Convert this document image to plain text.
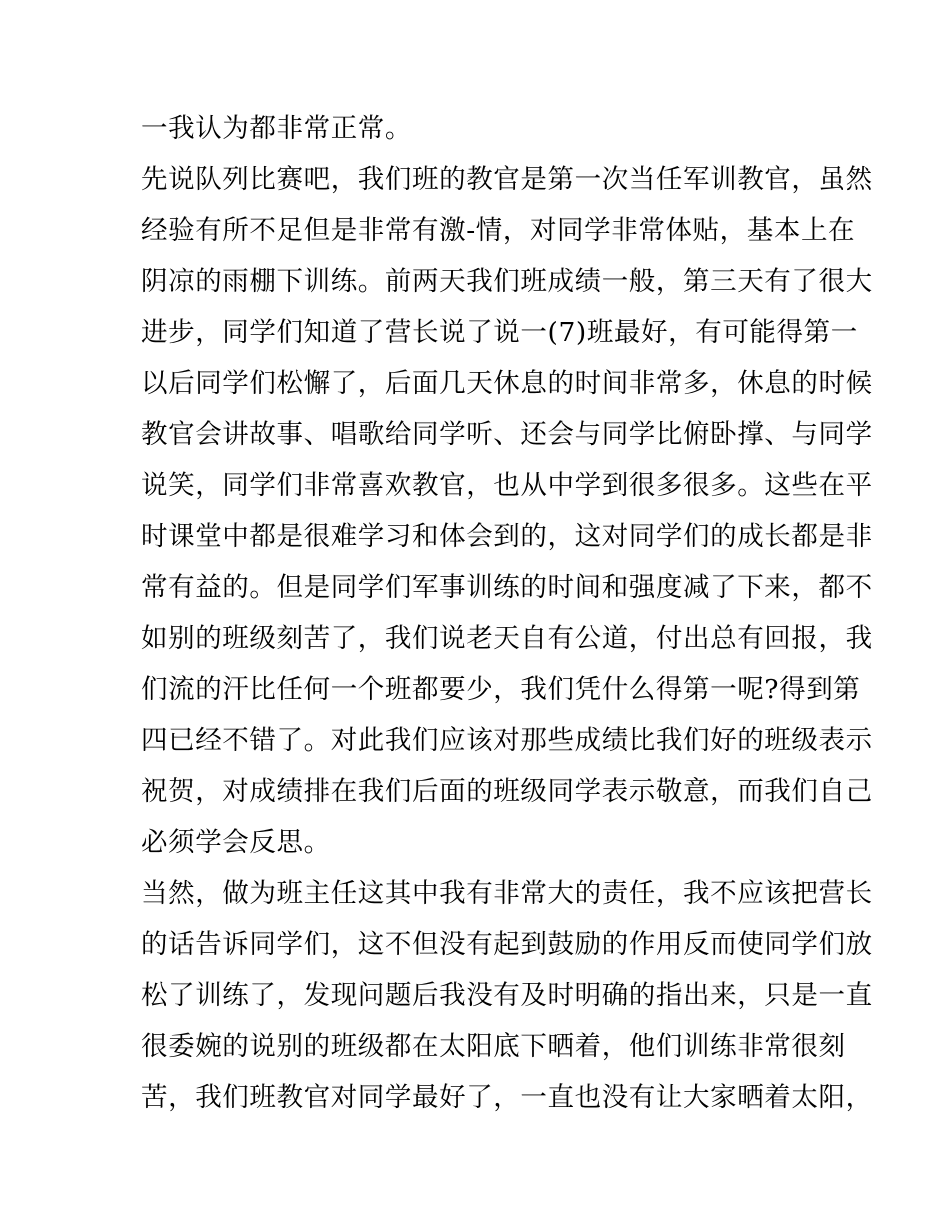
一我认为都非常正常。
先说队列比赛吧，我们班的教官是第一次当任军训教官，虽然
经验有所不足但是非常有激-情，对同学非常体贴，基本上在
阴凉的雨棚下训练。前两天我们班成绩一般，第三天有了很大
进步，同学们知道了营长说了说一(7)班最好，有可能得第一
以后同学们松懈了，后面几天休息的时间非常多，休息的时候
教官会讲故事、唱歌给同学听、还会与同学比俯卧撑、与同学
说笑，同学们非常喜欢教官，也从中学到很多很多。这些在平
时课堂中都是很难学习和体会到的，这对同学们的成长都是非
常有益的。但是同学们军事训练的时间和强度减了下来，都不
如别的班级刻苦了，我们说老天自有公道，付出总有回报，我
们流的汗比任何一个班都要少，我们凭什么得第一呢?得到第
四已经不错了。对此我们应该对那些成绩比我们好的班级表示
祝贺，对成绩排在我们后面的班级同学表示敬意，而我们自己
必须学会反思。
当然，做为班主任这其中我有非常大的责任，我不应该把营长
的话告诉同学们，这不但没有起到鼓励的作用反而使同学们放
松了训练了，发现问题后我没有及时明确的指出来，只是一直
很委婉的说别的班级都在太阳底下晒着，他们训练非常很刻
苦，我们班教官对同学最好了，一直也没有让大家晒着太阳，
